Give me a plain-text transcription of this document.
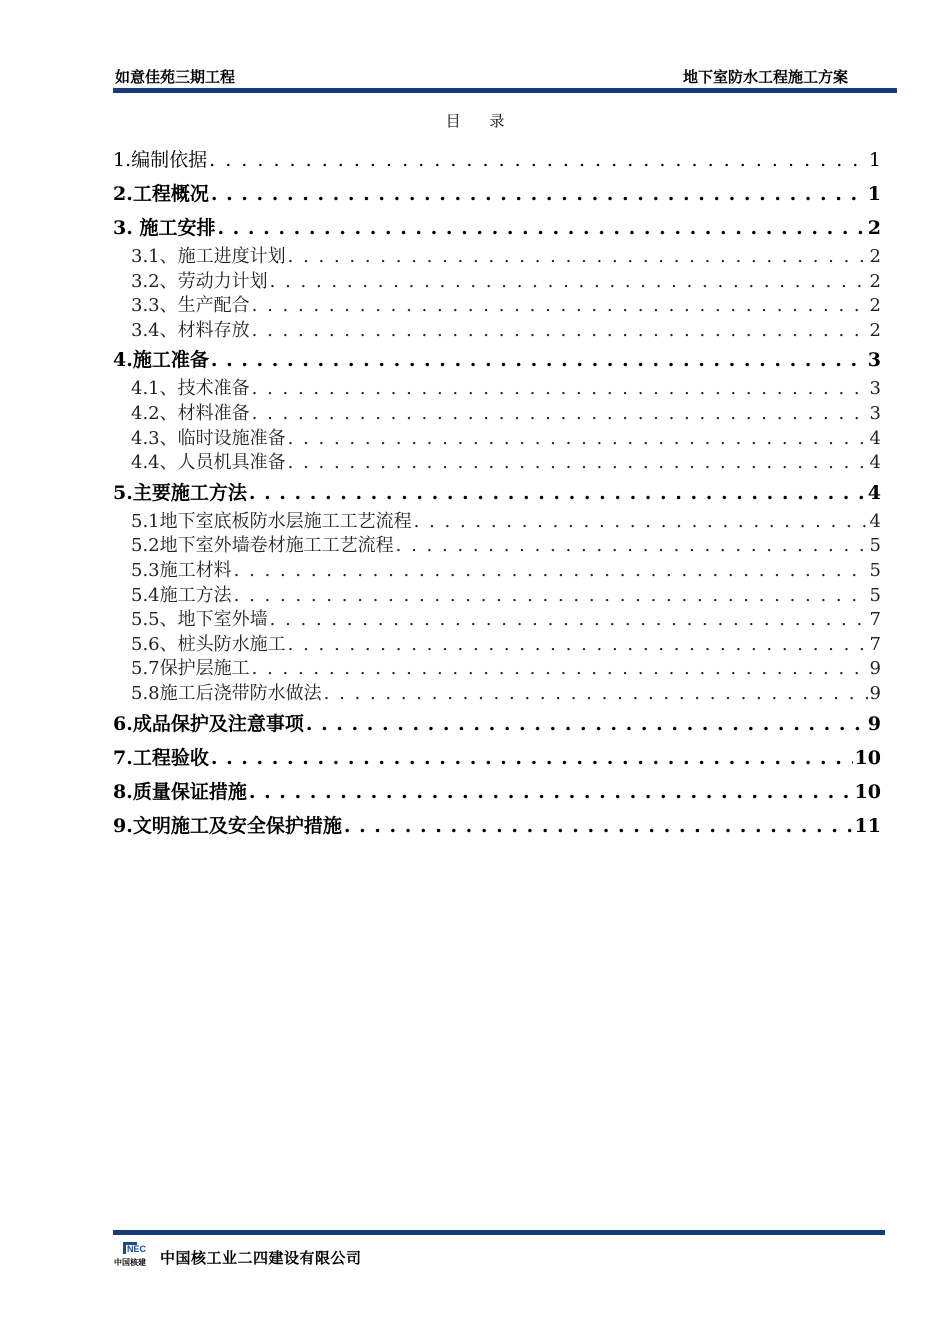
如意佳苑三期工程	地下室防水工程施工方案
目 录
1.编制依据 . . .	1
2.工程概况 . . .	1
3. 施工安排 . . .	2
3.1、施工进度计划 . . .	2
3.2、劳动力计划 . . .	2
3.3、生产配合 . . .	2
3.4、材料存放 . . .	2
4.施工准备 . . .	3
4.1、技术准备 . . .	3
4.2、材料准备 . . .	3
4.3、临时设施准备 . . .	4
4.4、人员机具准备 . . .	4
5.主要施工方法 . . .	4
5.1地下室底板防水层施工工艺流程 . . .	4
5.2地下室外墙卷材施工工艺流程 . . .	5
5.3施工材料 . . .	5
5.4施工方法 . . .	5
5.5、地下室外墙 . . .	7
5.6、桩头防水施工 . . .	7
5.7保护层施工 . . .	9
5.8施工后浇带防水做法 . . .	9
6.成品保护及注意事项 . . .	9
7.工程验收 . . .	10
8.质量保证措施 . . .	10
9.文明施工及安全保护措施 . . .	11
NEC
中国核建 中国核工业二四建设有限公司
